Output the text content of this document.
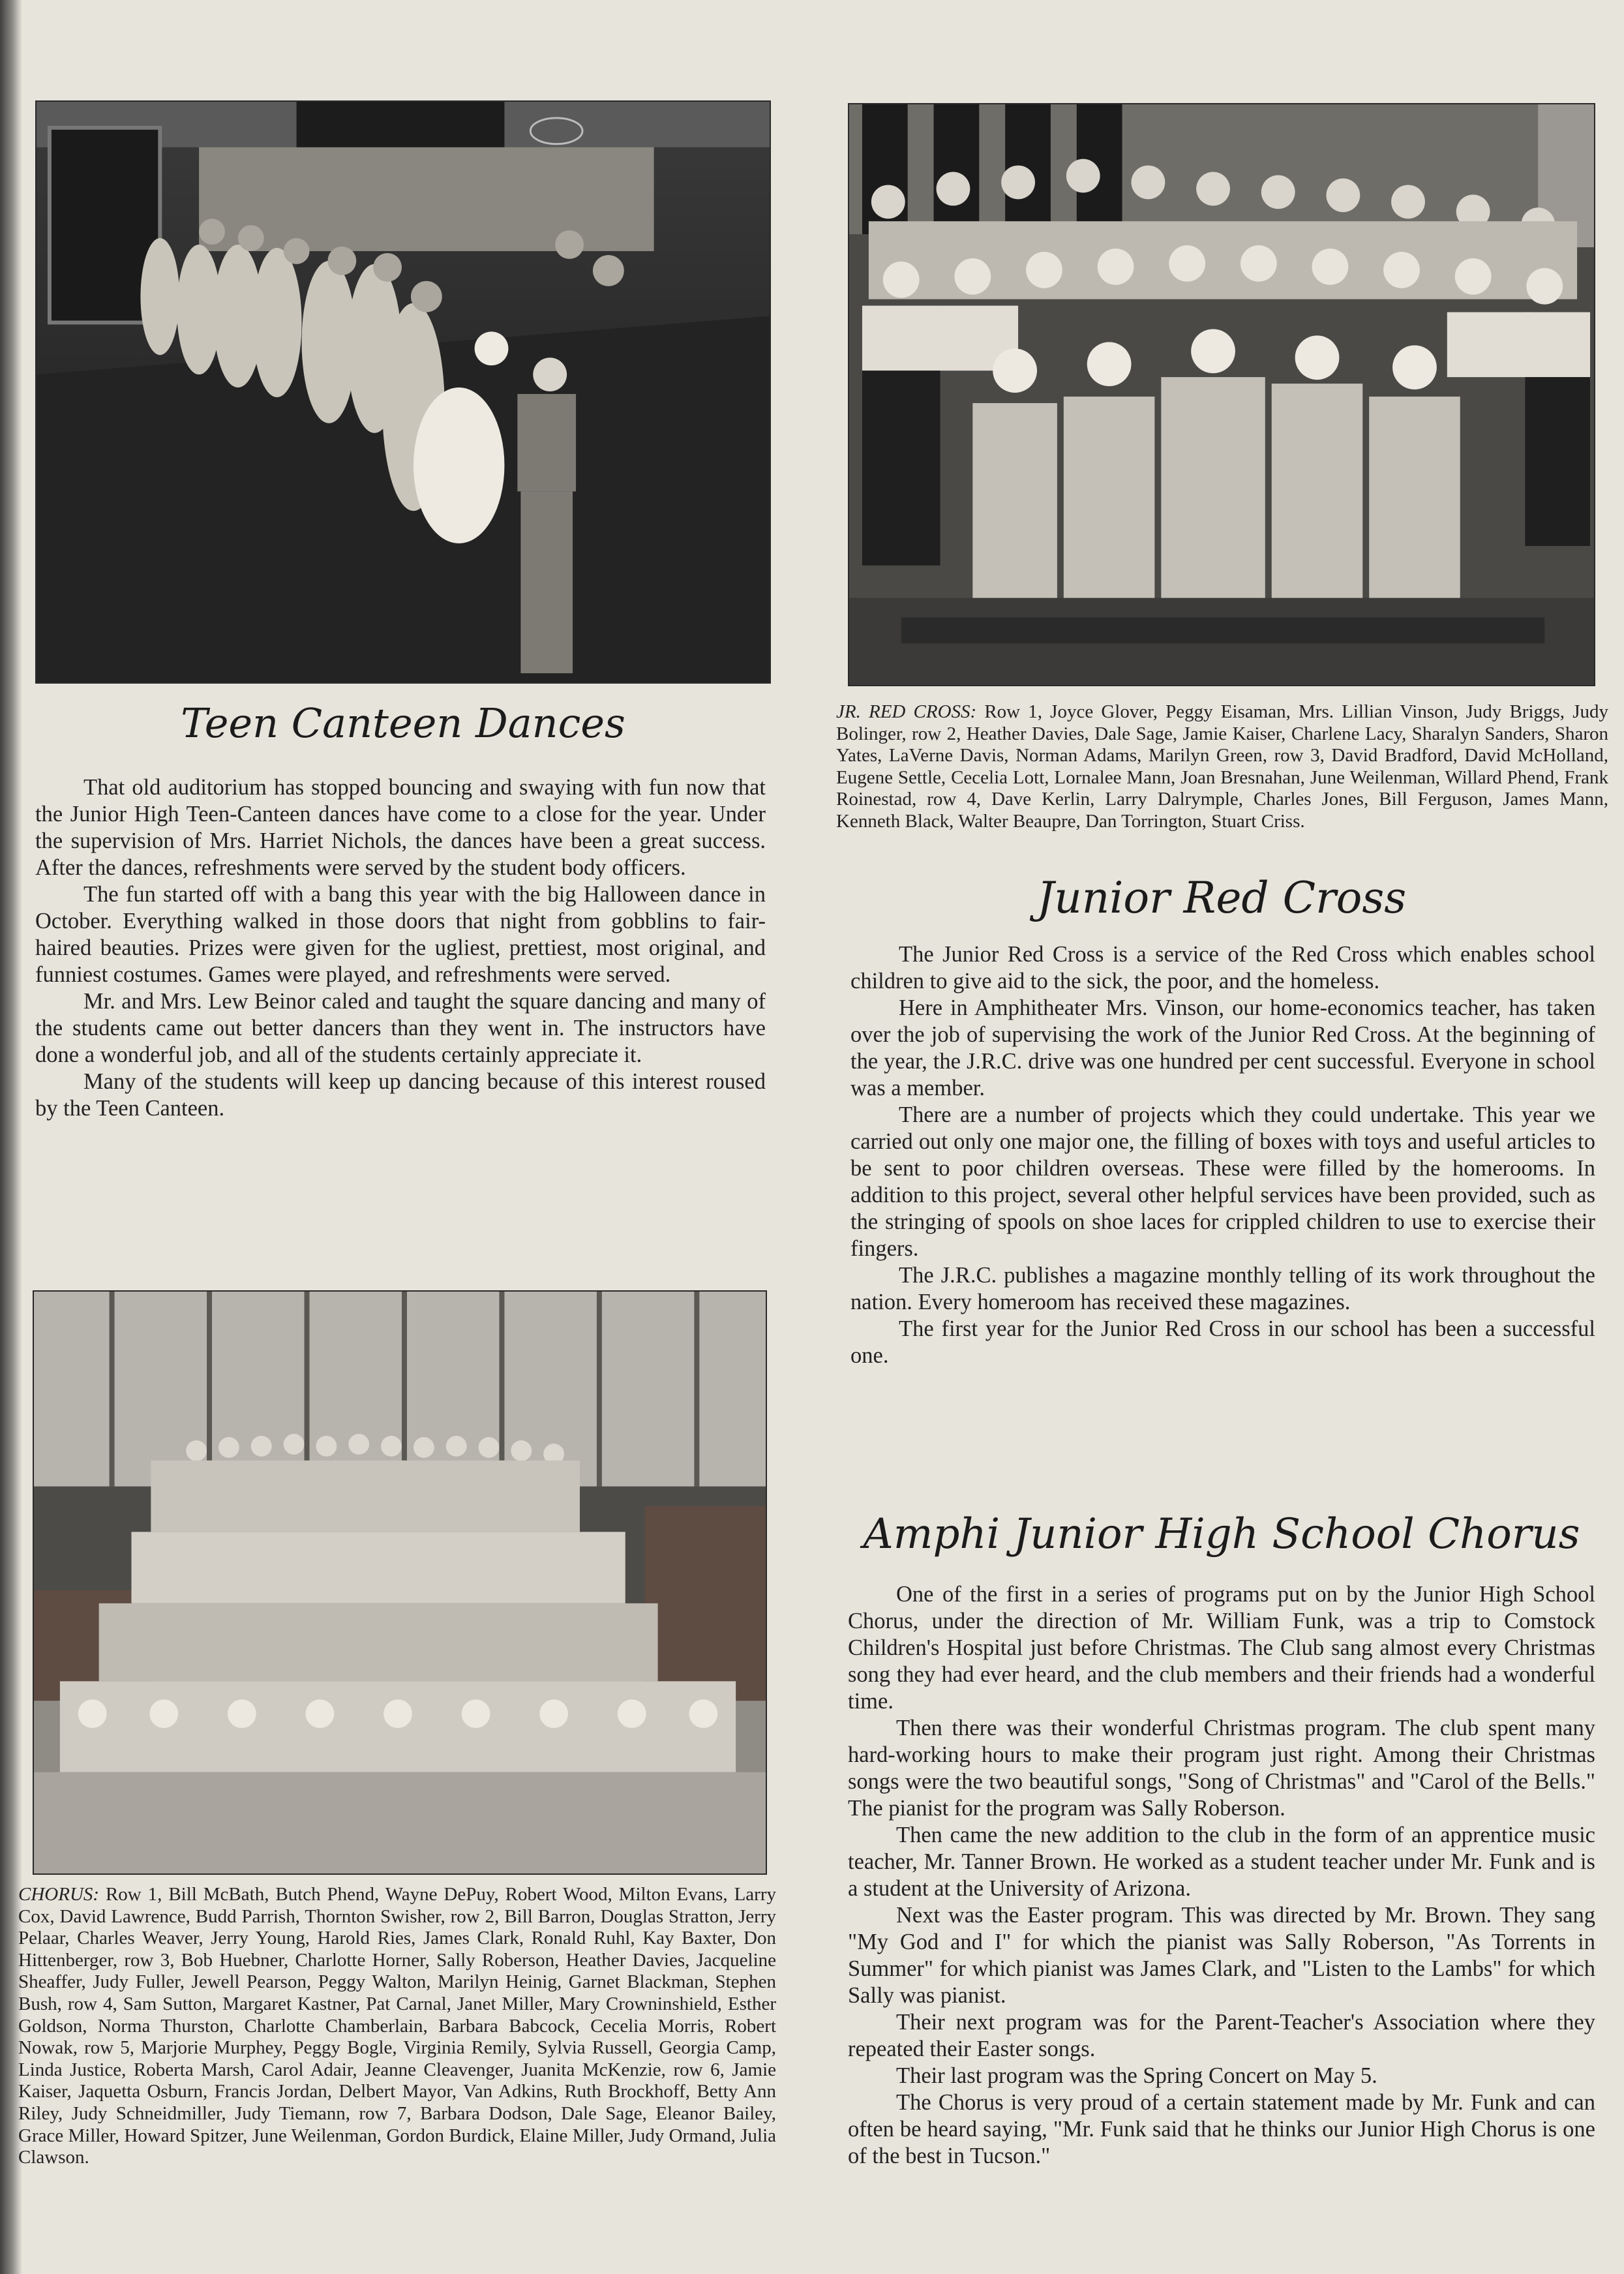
JR. RED CROSS: Row 1, Joyce Glover, Peggy Eisaman, Mrs. Lillian Vinson, Judy Briggs, Judy Bolinger, row 2, Heather Davies, Dale Sage, Jamie Kaiser, Charlene Lacy, Sharalyn Sanders, Sharon Yates, LaVerne Davis, Norman Adams, Marilyn Green, row 3, David Bradford, David McHolland, Eugene Settle, Cecelia Lott, Lornalee Mann, Joan Bresnahan, June Weilenman, Willard Phend, Frank Roinestad, row 4, Dave Kerlin, Larry Dalrymple, Charles Jones, Bill Ferguson, James Mann, Kenneth Black, Walter Beaupre, Dan Torrington, Stuart Criss.

Teen Canteen Dances

That old auditorium has stopped bouncing and swaying with fun now that the Junior High Teen-Canteen dances have come to a close for the year. Under the supervision of Mrs. Harriet Nichols, the dances have been a great success. After the dances, refreshments were served by the student body officers.

The fun started off with a bang this year with the big Halloween dance in October. Everything walked in those doors that night from gobblins to fair-haired beauties. Prizes were given for the ugliest, prettiest, most original, and funniest costumes. Games were played, and refreshments were served.

Mr. and Mrs. Lew Beinor caled and taught the square dancing and many of the students came out better dancers than they went in. The instructors have done a wonderful job, and all of the students certainly appreciate it.

Many of the students will keep up dancing because of this interest roused by the Teen Canteen.

Junior Red Cross

The Junior Red Cross is a service of the Red Cross which enables school children to give aid to the sick, the poor, and the homeless.

Here in Amphitheater Mrs. Vinson, our home-economics teacher, has taken over the job of supervising the work of the Junior Red Cross. At the beginning of the year, the J.R.C. drive was one hundred per cent successful. Everyone in school was a member.

There are a number of projects which they could undertake. This year we carried out only one major one, the filling of boxes with toys and useful articles to be sent to poor children overseas. These were filled by the homerooms. In addition to this project, several other helpful services have been provided, such as the stringing of spools on shoe laces for crippled children to use to exercise their fingers.

The J.R.C. publishes a magazine monthly telling of its work throughout the nation. Every homeroom has received these magazines.

The first year for the Junior Red Cross in our school has been a successful one.

CHORUS: Row 1, Bill McBath, Butch Phend, Wayne DePuy, Robert Wood, Milton Evans, Larry Cox, David Lawrence, Budd Parrish, Thornton Swisher, row 2, Bill Barron, Douglas Stratton, Jerry Pelaar, Charles Weaver, Jerry Young, Harold Ries, James Clark, Ronald Ruhl, Kay Baxter, Don Hittenberger, row 3, Bob Huebner, Charlotte Horner, Sally Roberson, Heather Davies, Jacqueline Sheaffer, Judy Fuller, Jewell Pearson, Peggy Walton, Marilyn Heinig, Garnet Blackman, Stephen Bush, row 4, Sam Sutton, Margaret Kastner, Pat Carnal, Janet Miller, Mary Crowninshield, Esther Goldson, Norma Thurston, Charlotte Chamberlain, Barbara Babcock, Cecelia Morris, Robert Nowak, row 5, Marjorie Murphey, Peggy Bogle, Virginia Remily, Sylvia Russell, Georgia Camp, Linda Justice, Roberta Marsh, Carol Adair, Jeanne Cleavenger, Juanita McKenzie, row 6, Jamie Kaiser, Jaquetta Osburn, Francis Jordan, Delbert Mayor, Van Adkins, Ruth Brockhoff, Betty Ann Riley, Judy Schneidmiller, Judy Tiemann, row 7, Barbara Dodson, Dale Sage, Eleanor Bailey, Grace Miller, Howard Spitzer, June Weilenman, Gordon Burdick, Elaine Miller, Judy Ormand, Julia Clawson.

Amphi Junior High School Chorus

One of the first in a series of programs put on by the Junior High School Chorus, under the direction of Mr. William Funk, was a trip to Comstock Children's Hospital just before Christmas. The Club sang almost every Christmas song they had ever heard, and the club members and their friends had a wonderful time.

Then there was their wonderful Christmas program. The club spent many hard-working hours to make their program just right. Among their Christmas songs were the two beautiful songs, "Song of Christmas" and "Carol of the Bells." The pianist for the program was Sally Roberson.

Then came the new addition to the club in the form of an apprentice music teacher, Mr. Tanner Brown. He worked as a student teacher under Mr. Funk and is a student at the University of Arizona.

Next was the Easter program. This was directed by Mr. Brown. They sang "My God and I" for which the pianist was Sally Roberson, "As Torrents in Summer" for which pianist was James Clark, and "Listen to the Lambs" for which Sally was pianist.

Their next program was for the Parent-Teacher's Association where they repeated their Easter songs.

Their last program was the Spring Concert on May 5.

The Chorus is very proud of a certain statement made by Mr. Funk and can often be heard saying, "Mr. Funk said that he thinks our Junior High Chorus is one of the best in Tucson."
